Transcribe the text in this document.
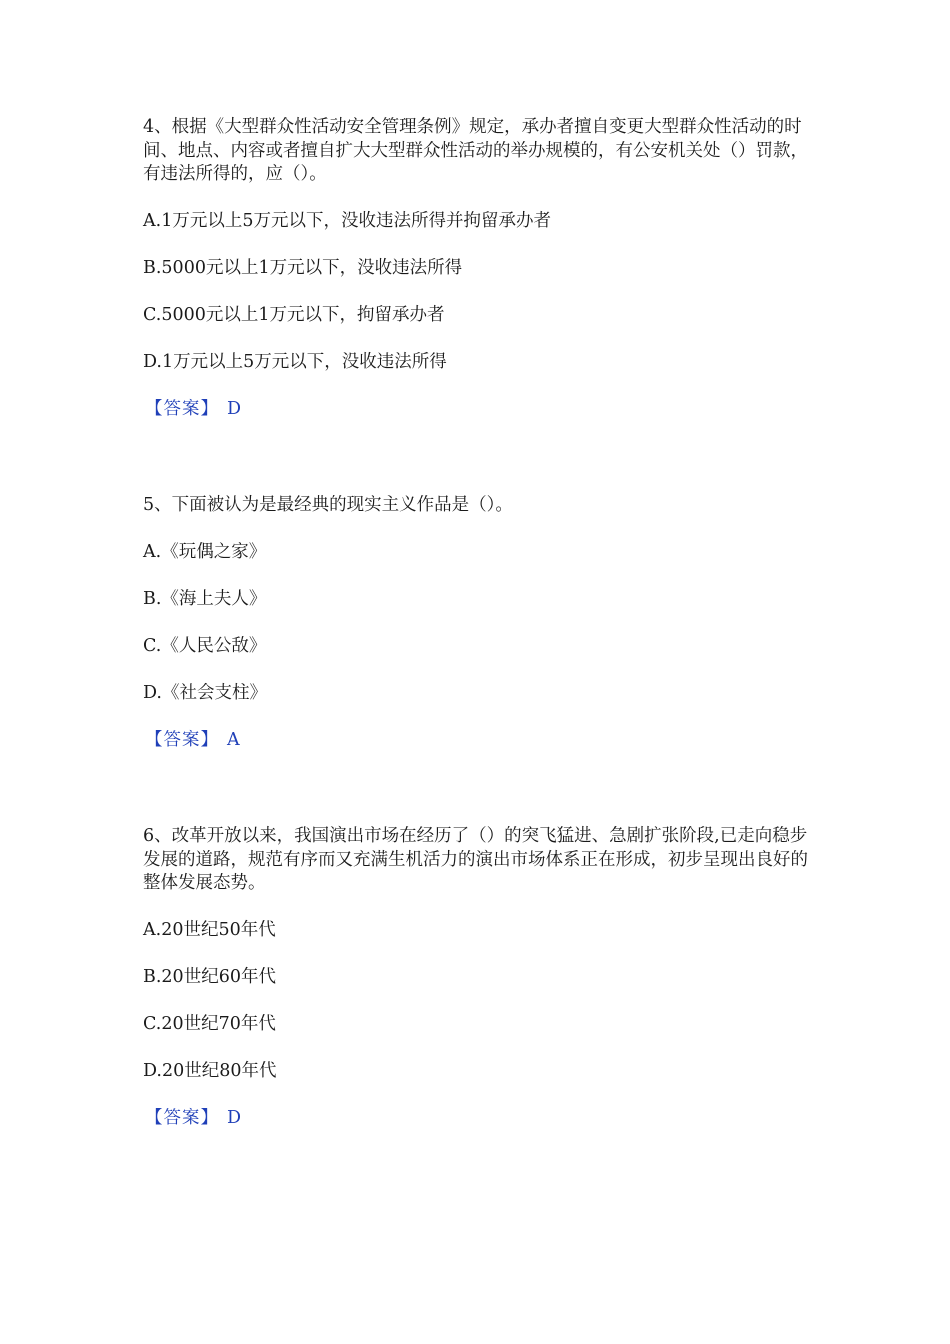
4、根据《大型群众性活动安全管理条例》规定，承办者擅自变更大型群众性活动的时间、地点、内容或者擅自扩大大型群众性活动的举办规模的，有公安机关处（）罚款，有违法所得的，应（）。
A.1万元以上5万元以下，没收违法所得并拘留承办者
B.5000元以上1万元以下，没收违法所得
C.5000元以上1万元以下，拘留承办者
D.1万元以上5万元以下，没收违法所得
【答案】 D
5、下面被认为是最经典的现实主义作品是（）。
A.《玩偶之家》
B.《海上夫人》
C.《人民公敌》
D.《社会支柱》
【答案】 A
6、改革开放以来，我国演出市场在经历了（）的突飞猛进、急剧扩张阶段,已走向稳步发展的道路，规范有序而又充满生机活力的演出市场体系正在形成，初步呈现出良好的整体发展态势。
A.20世纪50年代
B.20世纪60年代
C.20世纪70年代
D.20世纪80年代
【答案】 D
